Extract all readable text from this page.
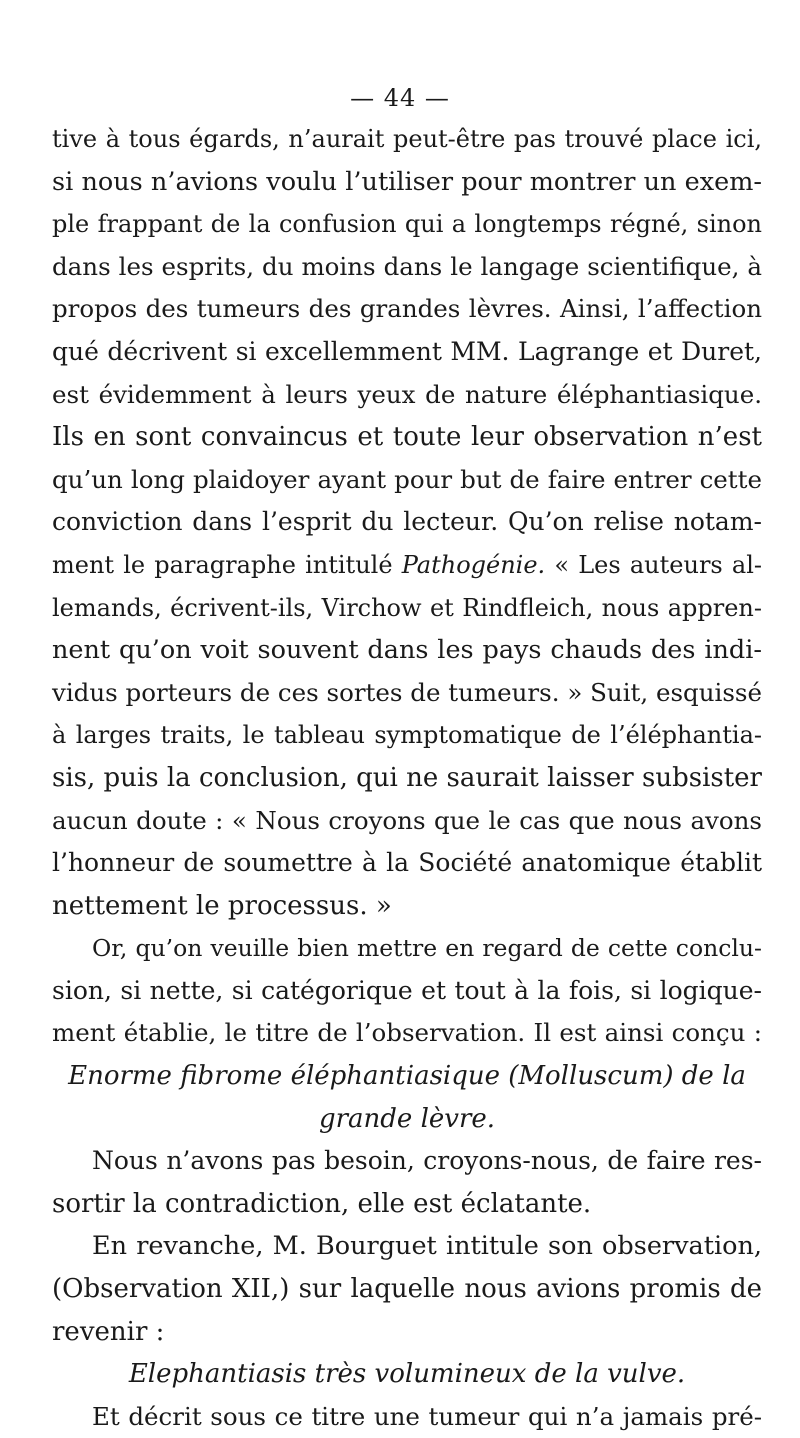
— 44 —
tive à tous égards, n’aurait peut-être pas trouvé place ici,
si nous n’avions voulu l’utiliser pour montrer un exem-
ple frappant de la confusion qui a longtemps régné, sinon
dans les esprits, du moins dans le langage scientifique, à
propos des tumeurs des grandes lèvres. Ainsi, l’affection
qué décrivent si excellemment MM. Lagrange et Duret,
est évidemment à leurs yeux de nature éléphantiasique.
Ils en sont convaincus et toute leur observation n’est
qu’un long plaidoyer ayant pour but de faire entrer cette
conviction dans l’esprit du lecteur. Qu’on relise notam-
ment le paragraphe intitulé Pathogénie. « Les auteurs al-
lemands, écrivent-ils, Virchow et Rindfleich, nous appren-
nent qu’on voit souvent dans les pays chauds des indi-
vidus porteurs de ces sortes de tumeurs. » Suit, esquissé
à larges traits, le tableau symptomatique de l’éléphantia-
sis, puis la conclusion, qui ne saurait laisser subsister
aucun doute : « Nous croyons que le cas que nous avons
l’honneur de soumettre à la Société anatomique établit
nettement le processus. »
Or, qu’on veuille bien mettre en regard de cette conclu-
sion, si nette, si catégorique et tout à la fois, si logique-
ment établie, le titre de l’observation. Il est ainsi conçu :
Enorme fibrome éléphantiasique (Molluscum) de la
grande lèvre.
Nous n’avons pas besoin, croyons-nous, de faire res-
sortir la contradiction, elle est éclatante.
En revanche, M. Bourguet intitule son observation,
(Observation XII,) sur laquelle nous avions promis de
revenir :
Elephantiasis très volumineux de la vulve.
Et décrit sous ce titre une tumeur qui n’a jamais pré-
